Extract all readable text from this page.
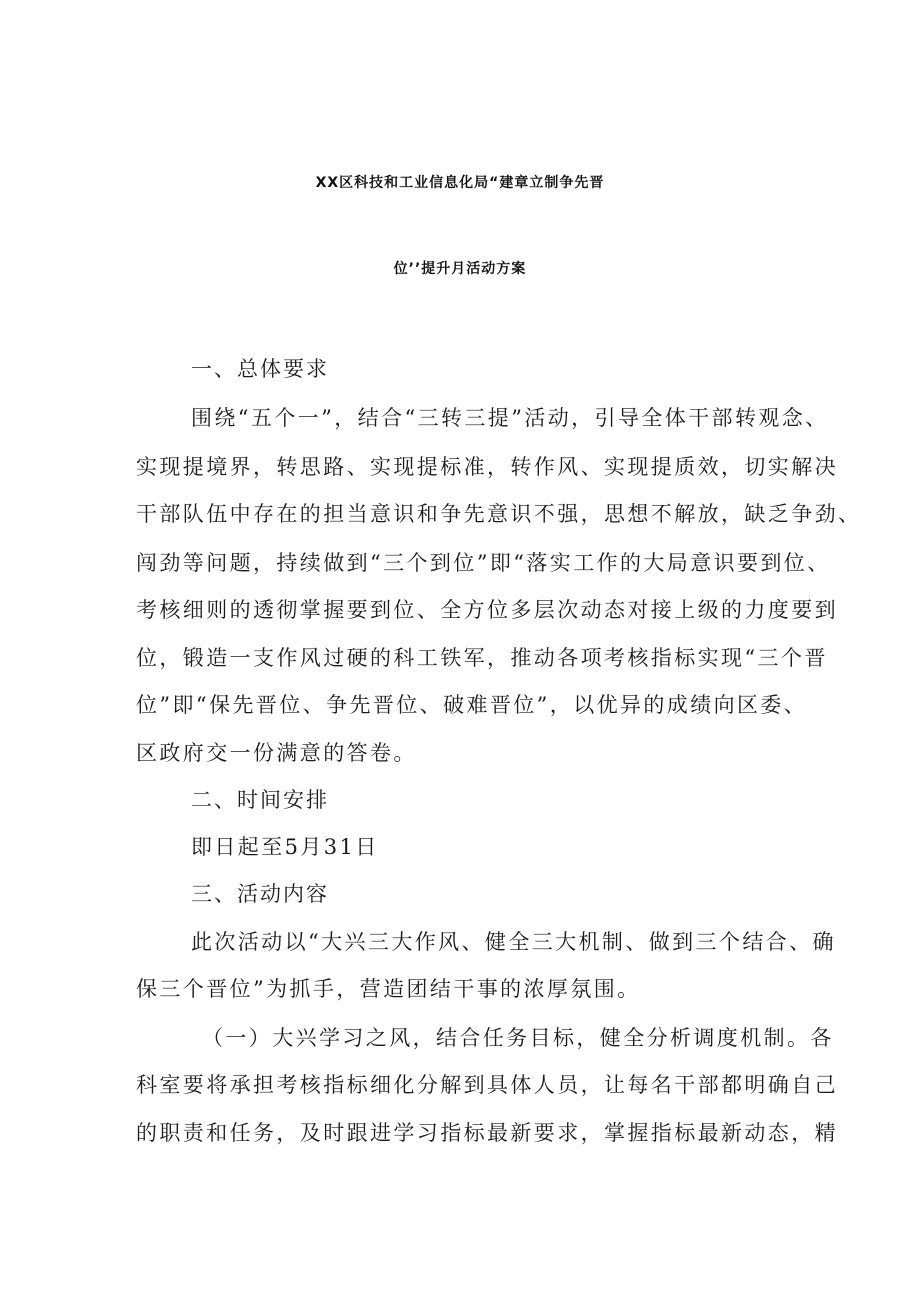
XX区科技和工业信息化局“建章立制争先晋
位’’提升月活动方案

一、总体要求

围绕“五个一”，结合“三转三提”活动，引导全体干部转观念、

实现提境界，转思路、实现提标准，转作风、实现提质效，切实解决

干部队伍中存在的担当意识和争先意识不强，思想不解放，缺乏争劲、

闯劲等问题，持续做到“三个到位”即“落实工作的大局意识要到位、

考核细则的透彻掌握要到位、全方位多层次动态对接上级的力度要到

位，锻造一支作风过硬的科工铁军，推动各项考核指标实现“三个晋

位”即“保先晋位、争先晋位、破难晋位”，以优异的成绩向区委、

区政府交一份满意的答卷。

二、时间安排

即日起至5月31日

三、活动内容

此次活动以“大兴三大作风、健全三大机制、做到三个结合、确

保三个晋位”为抓手，营造团结干事的浓厚氛围。

（一）大兴学习之风，结合任务目标，健全分析调度机制。各

科室要将承担考核指标细化分解到具体人员，让每名干部都明确自己

的职责和任务，及时跟进学习指标最新要求，掌握指标最新动态，精
